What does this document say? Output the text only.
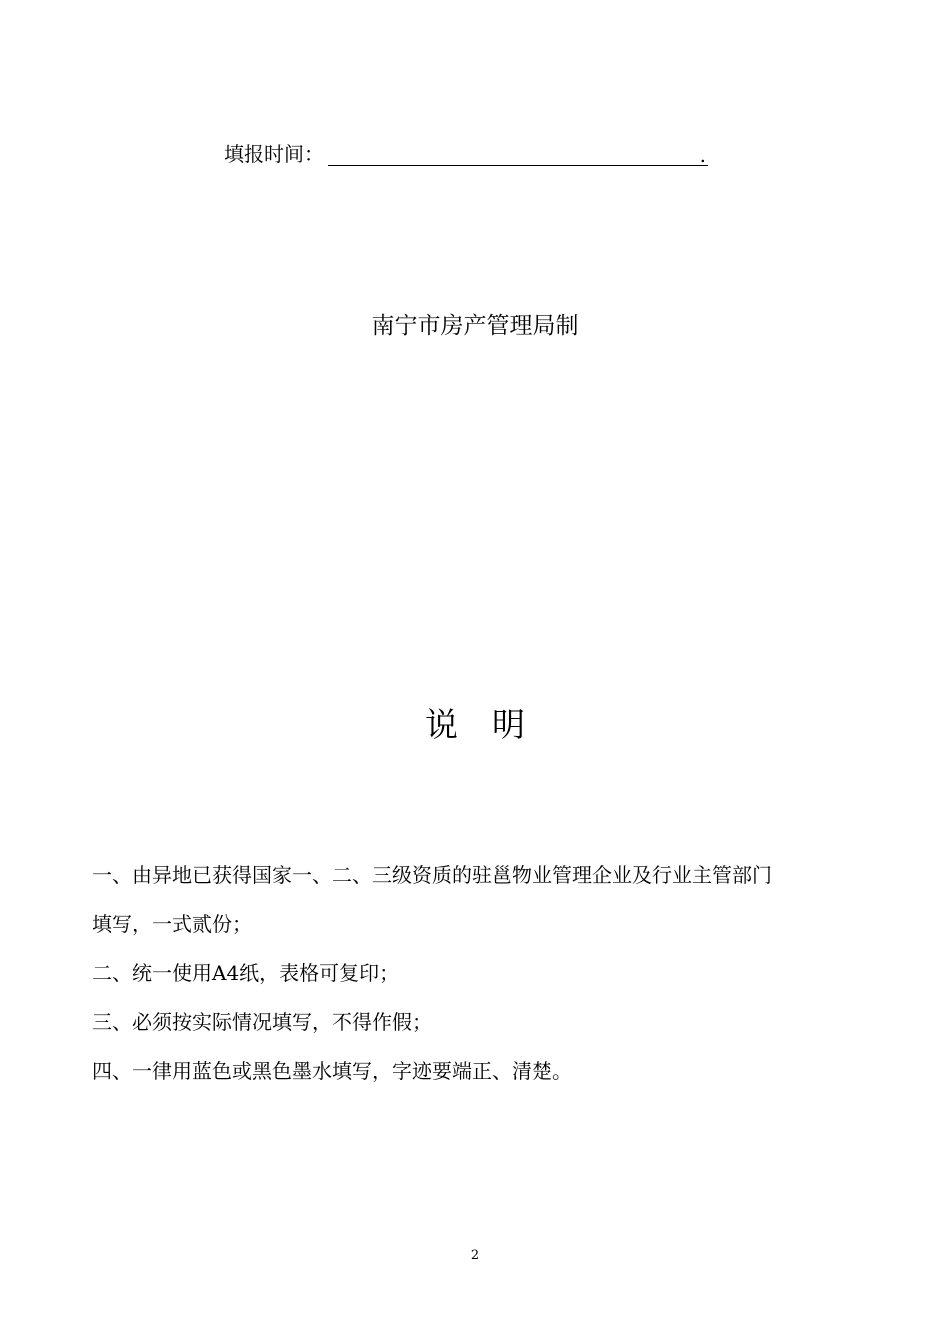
填报时间：	.
南宁市房产管理局制
说 明
一、由异地已获得国家一、二、三级资质的驻邕物业管理企业及行业主管部门
填写，一式贰份；
二、统一使用A4纸，表格可复印；
三、必须按实际情况填写，不得作假；
四、一律用蓝色或黑色墨水填写，字迹要端正、清楚。
2
